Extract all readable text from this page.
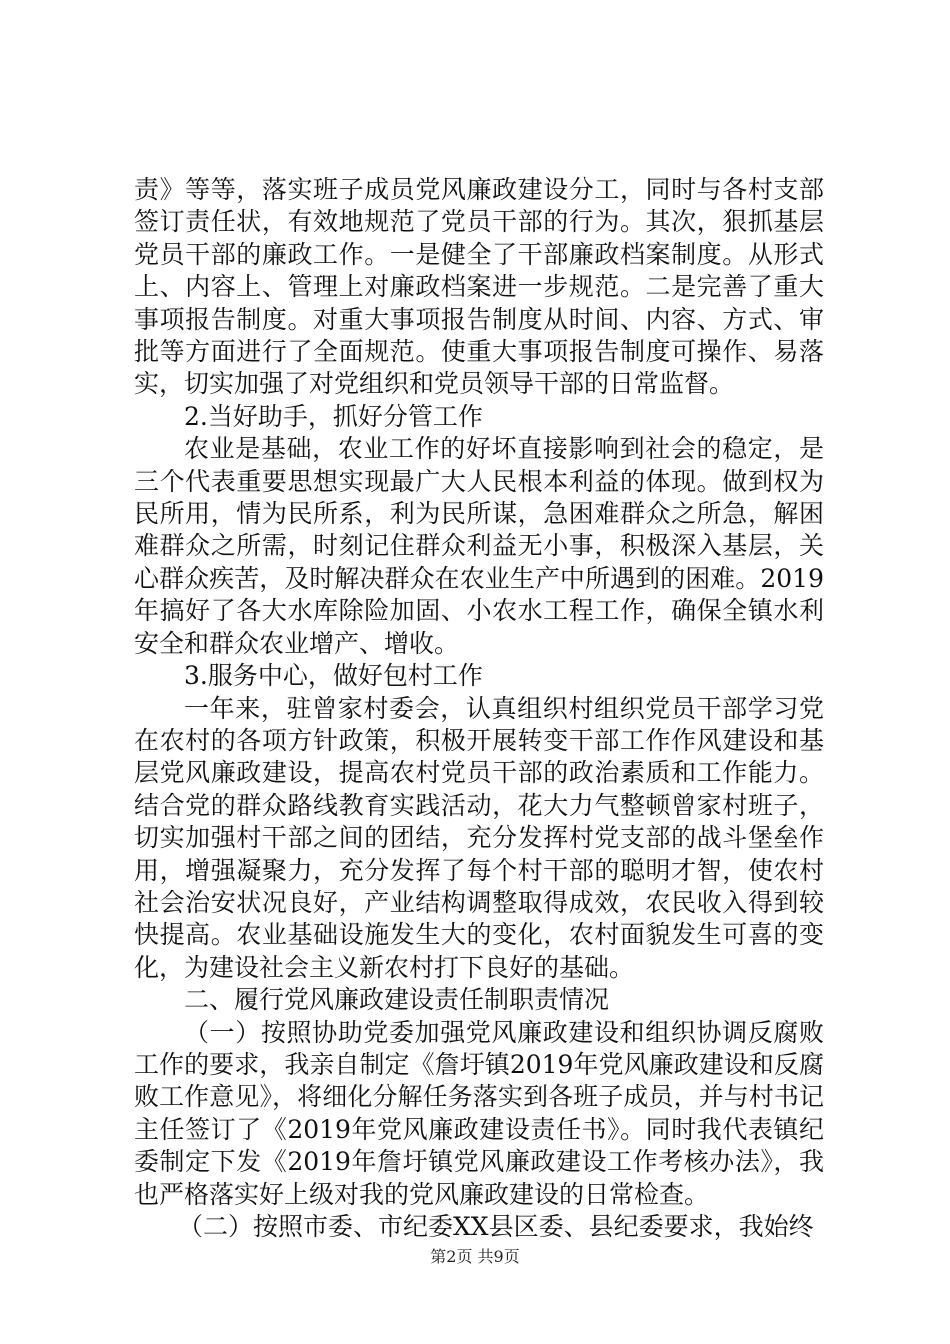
责》等等，落实班子成员党风廉政建设分工，同时与各村支部签订责任状，有效地规范了党员干部的行为。其次，狠抓基层党员干部的廉政工作。一是健全了干部廉政档案制度。从形式上、内容上、管理上对廉政档案进一步规范。二是完善了重大事项报告制度。对重大事项报告制度从时间、内容、方式、审批等方面进行了全面规范。使重大事项报告制度可操作、易落实，切实加强了对党组织和党员领导干部的日常监督。

2.当好助手，抓好分管工作

农业是基础，农业工作的好坏直接影响到社会的稳定，是三个代表重要思想实现最广大人民根本利益的体现。做到权为民所用，情为民所系，利为民所谋，急困难群众之所急，解困难群众之所需，时刻记住群众利益无小事，积极深入基层，关心群众疾苦，及时解决群众在农业生产中所遇到的困难。2019年搞好了各大水库除险加固、小农水工程工作，确保全镇水利安全和群众农业增产、增收。

3.服务中心，做好包村工作

一年来，驻曾家村委会，认真组织村组织党员干部学习党在农村的各项方针政策，积极开展转变干部工作作风建设和基层党风廉政建设，提高农村党员干部的政治素质和工作能力。结合党的群众路线教育实践活动，花大力气整顿曾家村班子，切实加强村干部之间的团结，充分发挥村党支部的战斗堡垒作用，增强凝聚力，充分发挥了每个村干部的聪明才智，使农村社会治安状况良好，产业结构调整取得成效，农民收入得到较快提高。农业基础设施发生大的变化，农村面貌发生可喜的变化，为建设社会主义新农村打下良好的基础。

二、履行党风廉政建设责任制职责情况

（一）按照协助党委加强党风廉政建设和组织协调反腐败工作的要求，我亲自制定《詹圩镇2019年党风廉政建设和反腐败工作意见》，将细化分解任务落实到各班子成员，并与村书记主任签订了《2019年党风廉政建设责任书》。同时我代表镇纪委制定下发《2019年詹圩镇党风廉政建设工作考核办法》，我也严格落实好上级对我的党风廉政建设的日常检查。

（二）按照市委、市纪委XX县区委、县纪委要求，我始终

第2页 共9页
